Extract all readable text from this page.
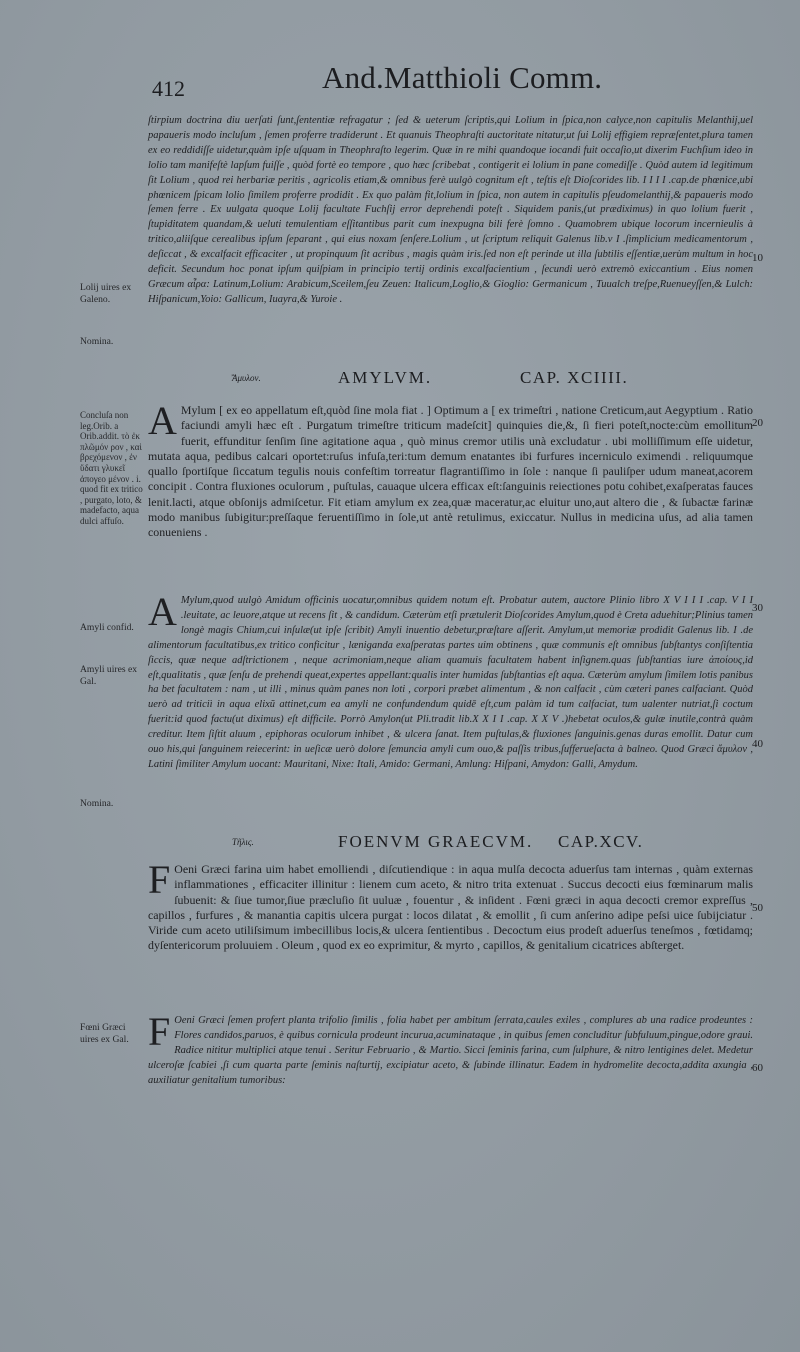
412	And.Matthioli Comm.
ſtirpium doctrina diu uerſati ſunt,ſententiæ refragatur ; ſed & ueterum ſcriptis,qui Lolium in ſpica,non calyce,non capitulis Melanthij,uel papaueris modo incluſum , ſemen proferre tradiderunt . Et quanuis Theophraſti auctoritate nitatur,ut ſui Lolij effigiem repræſentet,plura tamen ex eo reddidiſſe uidetur,quàm ipſe uſquam in Theophraſto legerim. Quæ in re mihi quandoque iocandi fuit occaſio,ut dixerim Fuchſium ideo in lolio tam manifeſtè lapſum fuiſſe , quòd fortè eo tempore , quo hæc ſcribebat , contigerit ei lolium in pane comediſſe . Quòd autem id legitimum ſit Lolium , quod rei herbariæ peritis , agricolis etiam,& omnibus ferè uulgò cognitum eſt , teſtis eſt Dioſcorides lib. I I I I .cap.de phœnice,ubi phœnicem ſpicam lolio ſimilem proferre prodidit . Ex quo palàm fit,lolium in ſpica, non autem in capitulis pſeudomelanthij,& papaueris modo ſemen ferre . Ex uulgata quoque Lolij facultate Fuchſij error deprehendi poteſt . Siquidem panis,(ut prædiximus) in quo lolium fuerit , ſtupiditatem quandam,& ueluti temulentiam eſſitantibus parit cum inexpugna bili ferè ſomno . Quamobrem ubique locorum incernieulis à tritico,aliiſque cerealibus ipſum ſeparant , qui eius noxam ſenſere.Lolium , ut ſcriptum reliquit Galenus lib.v I .ſimplicium medicamentorum , deſiccat , & excalfacit efficaciter , ut propinquum ſit acribus , magis quàm iris.ſed non eſt perinde ut illa ſubtilis eſſentiæ,uerùm multum in hoc deficit. Secundum hoc ponat ipſum quiſpiam in principio tertij ordinis excalfacientium , ſecundi uerò extremò exiccantium . Eius nomen Græcum αἶρα: Latinum,Lolium: Arabicum,Sceilem,ſeu Zeuen: Italicum,Loglio,& Gioglio: Germanicum , Tuualch treſpe,Ruenueyſſen,& Lulch: Hiſpanicum,Yoio: Gallicum, Iuayra,& Yuroie .
10
20
30
40
50
60
Lolij uires ex Galeno.
Nomina.
Concluſa non leg.Orib. a Orib.addit. τὸ ἐκ πλῶμόν ρον , καὶ βρεχόμενον , ἐν ὕδατι γλυκεῖ ἀπογεο μένον . i. quod fit ex tritico , purgato, loto, & madefacto, aqua dulci affuſo.
Amyli confid.
Amyli uires ex Gal.
Nomina.
Fœni Græci uires ex Gal.
Ἄμυλον.	AMYLVM.	CAP. XCIIII.
A Mylum [ ex eo appellatum eſt,quòd ſine mola fiat . ] Optimum a [ ex trimeſtri , natione Creticum,aut Aegyptium . Ratio faciundi amyli hæc eſt . Purgatum trimeſtre triticum madeſcit] quinquies die,&, ſi fieri poteſt,nocte:cùm emollitum fuerit, effunditur ſenſim ſine agitatione aqua , quò minus cremor utilis unà excludatur . ubi molliſſimum eſſe uidetur, mutata aqua, pedibus calcari oportet:ruſus infuſa,teri:tum demum enatantes ibi furfures incerniculo eximendi . reliquumque quallo ſportiſque ſiccatum tegulis nouis confeſtim torreatur flagrantiſſimo in ſole : nanque ſi pauliſper udum maneat,acorem concipit . Contra fluxiones oculorum , puſtulas, cauaque ulcera efficax eſt:ſanguinis reiectiones potu cohibet,exaſperatas fauces lenit.lacti, atque obſonijs admiſcetur. Fit etiam amylum ex zea,quæ maceratur,ac eluitur uno,aut altero die , & ſubactæ farinæ modo manibus ſubigitur:preſſaque feruentiſſimo in ſole,ut antè retulimus, exiccatur. Nullus in medicina uſus, ad alia tamen conueniens .
A Mylum,quod uulgò Amidum officinis uocatur,omnibus quidem notum eſt. Probatur autem, auctore Plinio libro X V I I I .cap. V I I .leuitate, ac leuore,atque ut recens ſit , & candidum. Cæterùm etſi prætulerit Dioſcorides Amylum,quod è Creta aduehitur;Plinius tamen longè magis Chium,cui inſulæ(ut ipſe ſcribit) Amyli inuentio debetur,præſtare aſſerit. Amylum,ut memoriæ prodidit Galenus lib. I .de alimentorum facultatibus,ex tritico conficitur , læniganda exaſperatas partes uim obtinens , quæ communis eſt omnibus ſubſtantys conſiſtentia ſiccis, quæ neque adſtrictionem , neque acrimoniam,neque aliam quamuis facultatem habent inſignem.quas ſubſtantias iure ἀποίους,id eſt,qualitatis , quæ ſenſu de prehendi queat,expertes appellant:qualis inter humidas ſubſtantias eſt aqua. Cæterùm amylum ſimilem lotis panibus ha bet facultatem : nam , ut illi , minus quàm panes non loti , corpori præbet alimentum , & non calfacit , cùm cæteri panes calfaciant. Quòd uerò ad triticiì in aqua elixũ attinet,cum ea amyli ne confundendum quidē eſt,cum palàm id tum calfaciat, tum ualenter nutriat,ſi coctum fuerit:id quod factu(ut diximus) eſt difficile. Porrò Amylon(ut Pli.tradit lib.X X I I .cap. X X V .)hebetat oculos,& gulæ inutile,contrà quàm creditur. Item ſiſtit aluum , epiphoras oculorum inhibet , & ulcera ſanat. Item puſtulas,& fluxiones ſanguinis.genas duras emollit. Datur cum ouo his,qui ſanguinem reiecerint: in ueſicæ uerò dolore ſemuncia amyli cum ouo,& paſſis tribus,ſufferueſacta à balneo. Quod Græci ἄμυλον , Latini ſimiliter Amylum uocant: Mauritani, Nixe: Itali, Amido: Germani, Amlung: Hiſpani, Amydon: Galli, Amydum.
Τῆλις.	FOENVM GRAECVM. CAP.XCV.
F Oeni Græci farina uim habet emolliendi , diſcutiendique : in aqua mulſa decocta aduerſus tam internas , quàm externas inflammationes , efficaciter illinitur : lienem cum aceto, & nitro trita extenuat . Succus decocti eius fœminarum malis ſubuenit: & ſiue tumor,ſiue præcluſio ſit uuluæ , fouentur , & inſident . Fœni græci in aqua decocti cremor expreſſus , capillos , furfures , & manantia capitis ulcera purgat : locos dilatat , & emollit , ſi cum anſerino adipe peſsi uice ſubijciatur . Viride cum aceto utiliſsimum imbecillibus locis,& ulcera ſentientibus . Decoctum eius prodeſt aduerſus teneſmos , fœtidamq; dyſentericorum proluuiem . Oleum , quod ex eo exprimitur, & myrto , capillos, & genitalium cicatrices abſterget.
F Oeni Græci ſemen profert planta trifolio ſimilis , folia habet per ambitum ſerrata,caules exiles , complures ab una radice prodeuntes : Flores candidos,paruos, è quibus cornicula prodeunt incurua,acuminataque , in quibus ſemen concluditur ſubfuluum,pingue,odore graui. Radice nititur multiplici atque tenui . Seritur Februario , & Martio. Sicci ſeminis farina, cum ſulphure, & nitro lentigines delet. Medetur ulceroſæ ſcabiei ,ſi cum quarta parte ſeminis naſturtij, excipiatur aceto, & ſubinde illinatur. Eadem in hydromelite decocta,addita axungia , auxiliatur genitalium tumoribus:
